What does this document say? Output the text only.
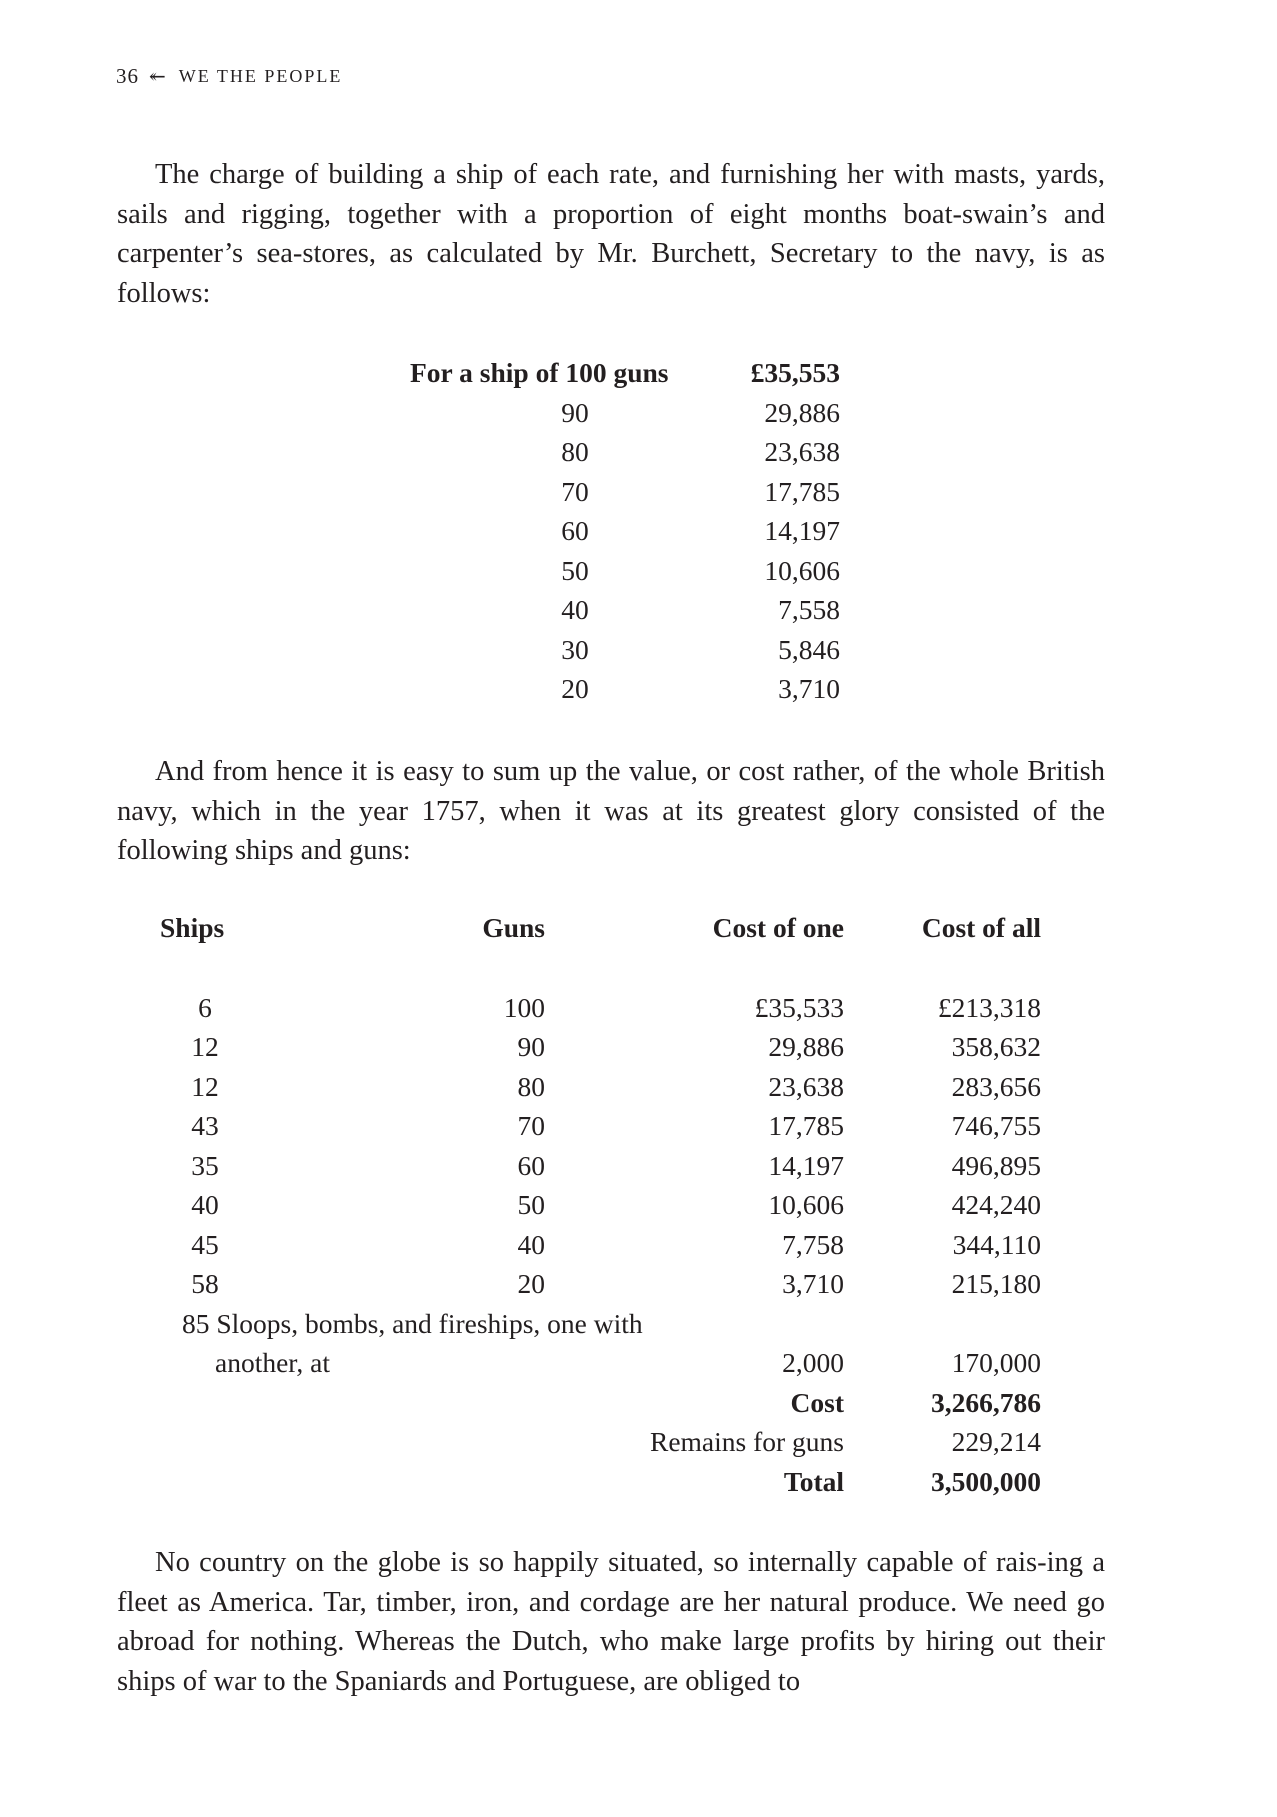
36 ↞ WE THE PEOPLE

The charge of building a ship of each rate, and furnishing her with masts, yards, sails and rigging, together with a proportion of eight months boat-swain’s and carpenter’s sea-stores, as calculated by Mr. Burchett, Secretary to the navy, is as follows:

For a ship of 100 guns	£35,553
90	29,886
80	23,638
70	17,785
60	14,197
50	10,606
40	7,558
30	5,846
20	3,710

And from hence it is easy to sum up the value, or cost rather, of the whole British navy, which in the year 1757, when it was at its greatest glory consisted of the following ships and guns:

Ships	Guns	Cost of one	Cost of all

6	100	£35,533	£213,318
12	90	29,886	358,632
12	80	23,638	283,656
43	70	17,785	746,755
35	60	14,197	496,895
40	50	10,606	424,240
45	40	7,758	344,110
58	20	3,710	215,180
85 Sloops, bombs, and fireships, one with			
another, at		2,000	170,000
		Cost	3,266,786
		Remains for guns	229,214
		Total	3,500,000

No country on the globe is so happily situated, so internally capable of rais-ing a fleet as America. Tar, timber, iron, and cordage are her natural produce. We need go abroad for nothing. Whereas the Dutch, who make large profits by hiring out their ships of war to the Spaniards and Portuguese, are obliged to
